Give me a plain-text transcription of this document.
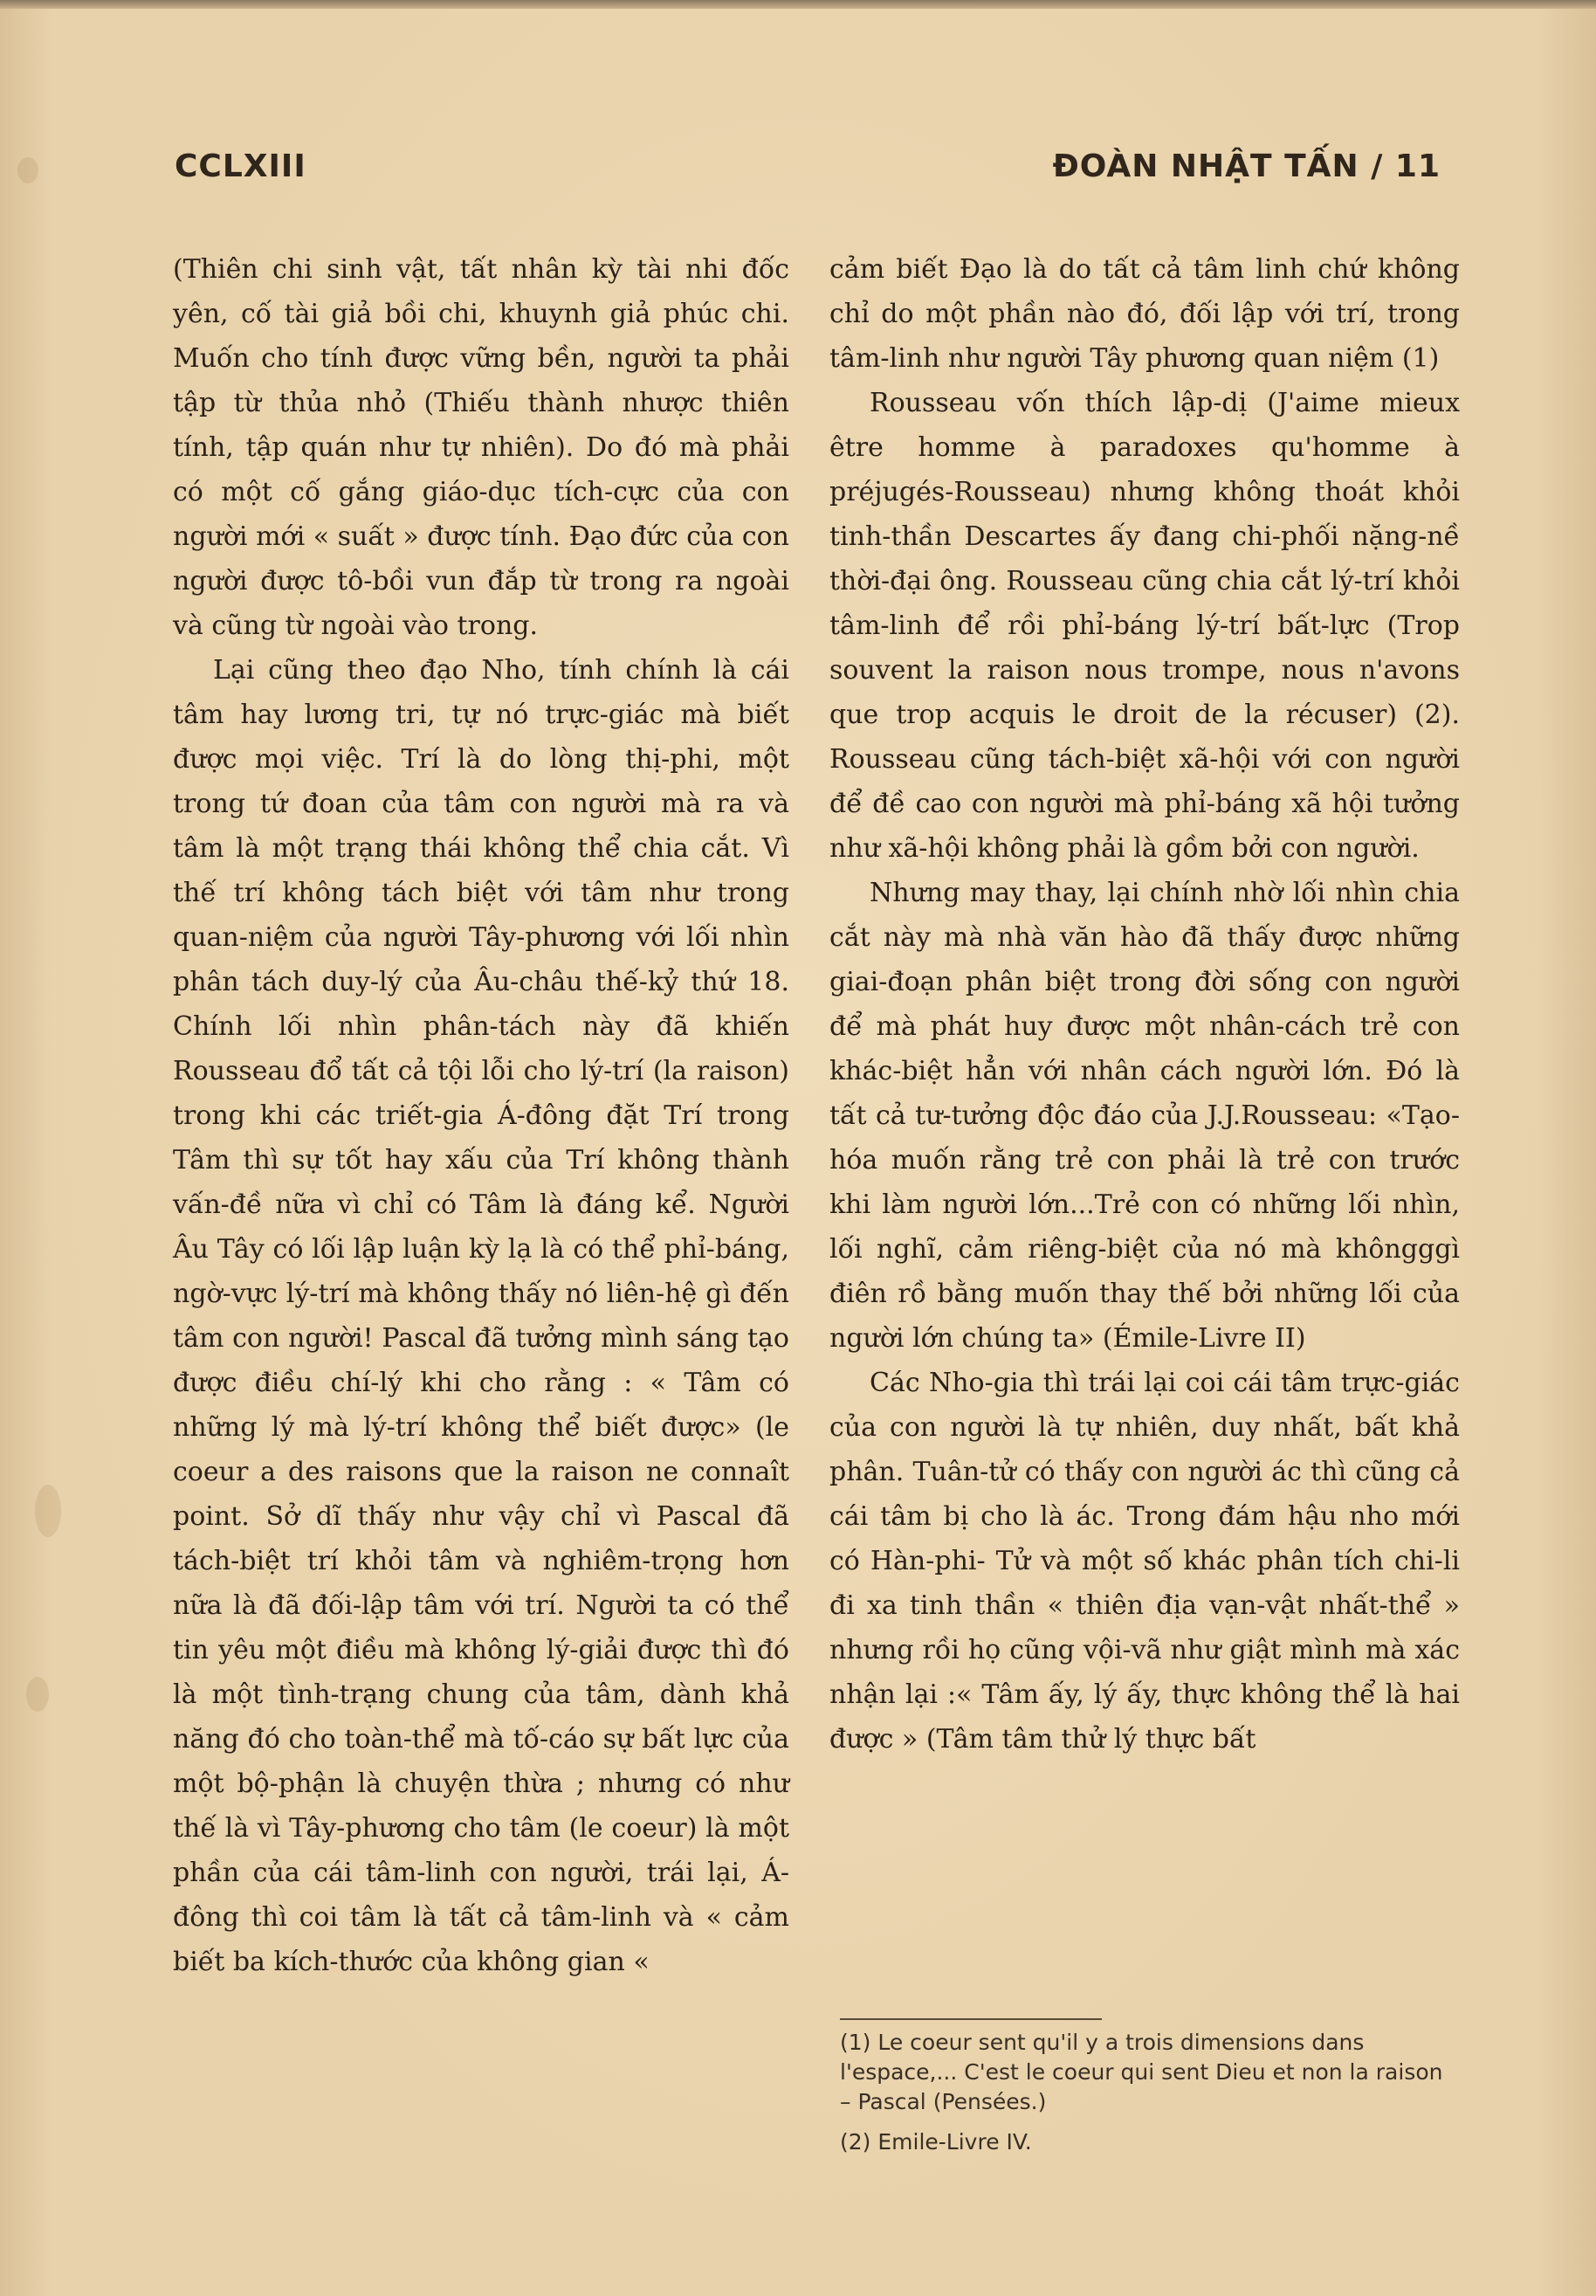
CCLXIII	ĐOÀN NHẬT TẤN / 11

(Thiên chi sinh vật, tất nhân kỳ tài nhi đốc yên, cố tài giả bồi chi, khuynh giả phúc chi. Muốn cho tính được vững bền, người ta phải tập từ thủa nhỏ (Thiếu thành nhược thiên tính, tập quán như tự nhiên). Do đó mà phải có một cố gắng giáo-dục tích-cực của con người mới « suất » được tính. Đạo đức của con người được tô-bồi vun đắp từ trong ra ngoài và cũng từ ngoài vào trong.

Lại cũng theo đạo Nho, tính chính là cái tâm hay lương tri, tự nó trực-giác mà biết được mọi việc. Trí là do lòng thị-phi, một trong tứ đoan của tâm con người mà ra và tâm là một trạng thái không thể chia cắt. Vì thế trí không tách biệt với tâm như trong quan-niệm của người Tây-phương với lối nhìn phân tách duy-lý của Âu-châu thế-kỷ thứ 18. Chính lối nhìn phân-tách này đã khiến Rousseau đổ tất cả tội lỗi cho lý-trí (la raison) trong khi các triết-gia Á-đông đặt Trí trong Tâm thì sự tốt hay xấu của Trí không thành vấn-đề nữa vì chỉ có Tâm là đáng kể. Người Âu Tây có lối lập luận kỳ lạ là có thể phỉ-báng, ngờ-vực lý-trí mà không thấy nó liên-hệ gì đến tâm con người! Pascal đã tưởng mình sáng tạo được điều chí-lý khi cho rằng : « Tâm có những lý mà lý-trí không thể biết được» (le coeur a des raisons que la raison ne connaît point. Sở dĩ thấy như vậy chỉ vì Pascal đã tách-biệt trí khỏi tâm và nghiêm-trọng hơn nữa là đã đối-lập tâm với trí. Người ta có thể tin yêu một điều mà không lý-giải được thì đó là một tình-trạng chung của tâm, dành khả năng đó cho toàn-thể mà tố-cáo sự bất lực của một bộ-phận là chuyện thừa ; nhưng có như thế là vì Tây-phương cho tâm (le coeur) là một phần của cái tâm-linh con người, trái lại, Á-đông thì coi tâm là tất cả tâm-linh và « cảm biết ba kích-thước của không gian «

cảm biết Đạo là do tất cả tâm linh chứ không chỉ do một phần nào đó, đối lập với trí, trong tâm-linh như người Tây phương quan niệm (1)

Rousseau vốn thích lập-dị (J'aime mieux être homme à paradoxes qu'homme à préjugés-Rousseau) nhưng không thoát khỏi tinh-thần Descartes ấy đang chi-phối nặng-nề thời-đại ông. Rousseau cũng chia cắt lý-trí khỏi tâm-linh để rồi phỉ-báng lý-trí bất-lực (Trop souvent la raison nous trompe, nous n'avons que trop acquis le droit de la récuser) (2). Rousseau cũng tách-biệt xã-hội với con người để đề cao con người mà phỉ-báng xã hội tưởng như xã-hội không phải là gồm bởi con người.

Nhưng may thay, lại chính nhờ lối nhìn chia cắt này mà nhà văn hào đã thấy được những giai-đoạn phân biệt trong đời sống con người để mà phát huy được một nhân-cách trẻ con khác-biệt hẳn với nhân cách người lớn. Đó là tất cả tư-tưởng độc đáo của J.J.Rousseau: «Tạo-hóa muốn rằng trẻ con phải là trẻ con trước khi làm người lớn...Trẻ con có những lối nhìn, lối nghĩ, cảm riêng-biệt của nó mà khôngggì điên rồ bằng muốn thay thế bởi những lối của người lớn chúng ta» (Émile-Livre II)

Các Nho-gia thì trái lại coi cái tâm trực-giác của con người là tự nhiên, duy nhất, bất khả phân. Tuân-tử có thấy con người ác thì cũng cả cái tâm bị cho là ác. Trong đám hậu nho mới có Hàn-phi- Tử và một số khác phân tích chi-li đi xa tinh thần « thiên địa vạn-vật nhất-thể » nhưng rồi họ cũng vội-vã như giật mình mà xác nhận lại :« Tâm ấy, lý ấy, thực không thể là hai được » (Tâm tâm thử lý thực bất

(1) Le coeur sent qu'il y a trois dimensions dans l'espace,... C'est le coeur qui sent Dieu et non la raison – Pascal (Pensées.)

(2) Emile-Livre IV.
